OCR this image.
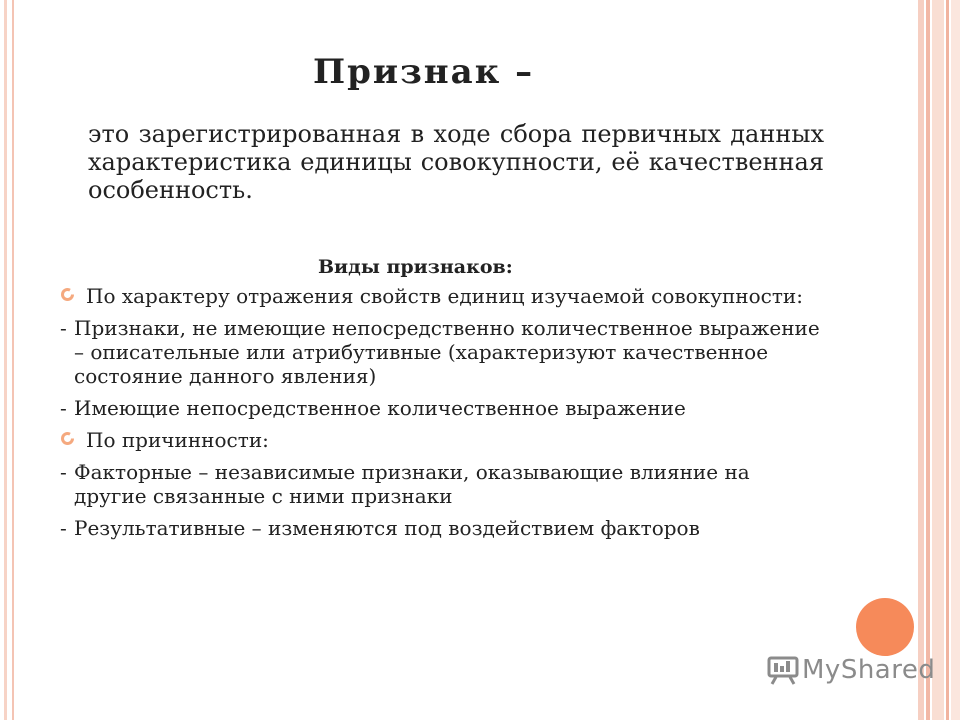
Признак –
это зарегистрированная в ходе сбора первичных данных характеристика единицы совокупности, её качественная особенность.
Виды признаков:
По характеру отражения свойств единиц изучаемой совокупности:
- Признаки, не имеющие непосредственно количественное выражение – описательные или атрибутивные (характеризуют качественное состояние данного явления)
- Имеющие непосредственное количественное выражение
По причинности:
- Факторные – независимые признаки, оказывающие влияние на другие связанные с ними признаки
- Результативные – изменяются под воздействием факторов
MyShared
